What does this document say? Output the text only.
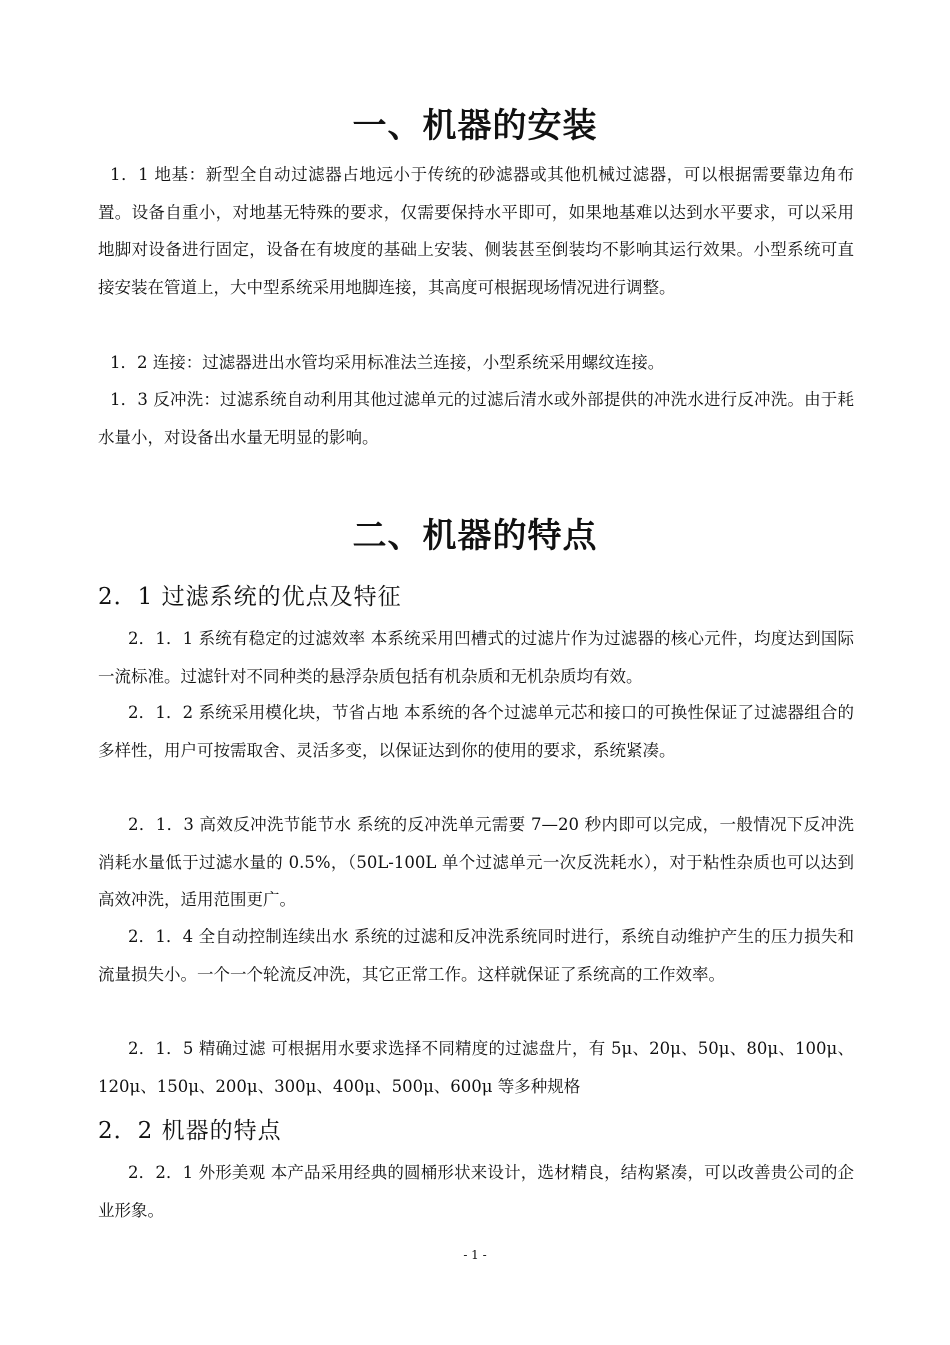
一、机器的安装
1．1 地基：新型全自动过滤器占地远小于传统的砂滤器或其他机械过滤器，可以根据需要靠边角布置。设备自重小，对地基无特殊的要求，仅需要保持水平即可，如果地基难以达到水平要求，可以采用地脚对设备进行固定，设备在有坡度的基础上安装、侧装甚至倒装均不影响其运行效果。小型系统可直接安装在管道上，大中型系统采用地脚连接，其高度可根据现场情况进行调整。
1．2 连接：过滤器进出水管均采用标准法兰连接，小型系统采用螺纹连接。
1．3 反冲洗：过滤系统自动利用其他过滤单元的过滤后清水或外部提供的冲洗水进行反冲洗。由于耗水量小，对设备出水量无明显的影响。
二、机器的特点
2．1 过滤系统的优点及特征
2．1．1 系统有稳定的过滤效率 本系统采用凹槽式的过滤片作为过滤器的核心元件，均度达到国际一流标准。过滤针对不同种类的悬浮杂质包括有机杂质和无机杂质均有效。
2．1．2 系统采用模化块，节省占地 本系统的各个过滤单元芯和接口的可换性保证了过滤器组合的多样性，用户可按需取舍、灵活多变，以保证达到你的使用的要求，系统紧凑。
2．1．3 高效反冲洗节能节水 系统的反冲洗单元需要 7—20 秒内即可以完成，一般情况下反冲洗消耗水量低于过滤水量的 0.5%，（50L-100L 单个过滤单元一次反洗耗水），对于粘性杂质也可以达到高效冲洗，适用范围更广。
2．1．4 全自动控制连续出水 系统的过滤和反冲洗系统同时进行，系统自动维护产生的压力损失和流量损失小。一个一个轮流反冲洗，其它正常工作。这样就保证了系统高的工作效率。
2．1．5 精确过滤 可根据用水要求选择不同精度的过滤盘片，有 5μ、20μ、50μ、80μ、100μ、120μ、150μ、200μ、300μ、400μ、500μ、600μ 等多种规格
2．2 机器的特点
2．2．1 外形美观 本产品采用经典的圆桶形状来设计，选材精良，结构紧凑，可以改善贵公司的企业形象。
- 1 -
